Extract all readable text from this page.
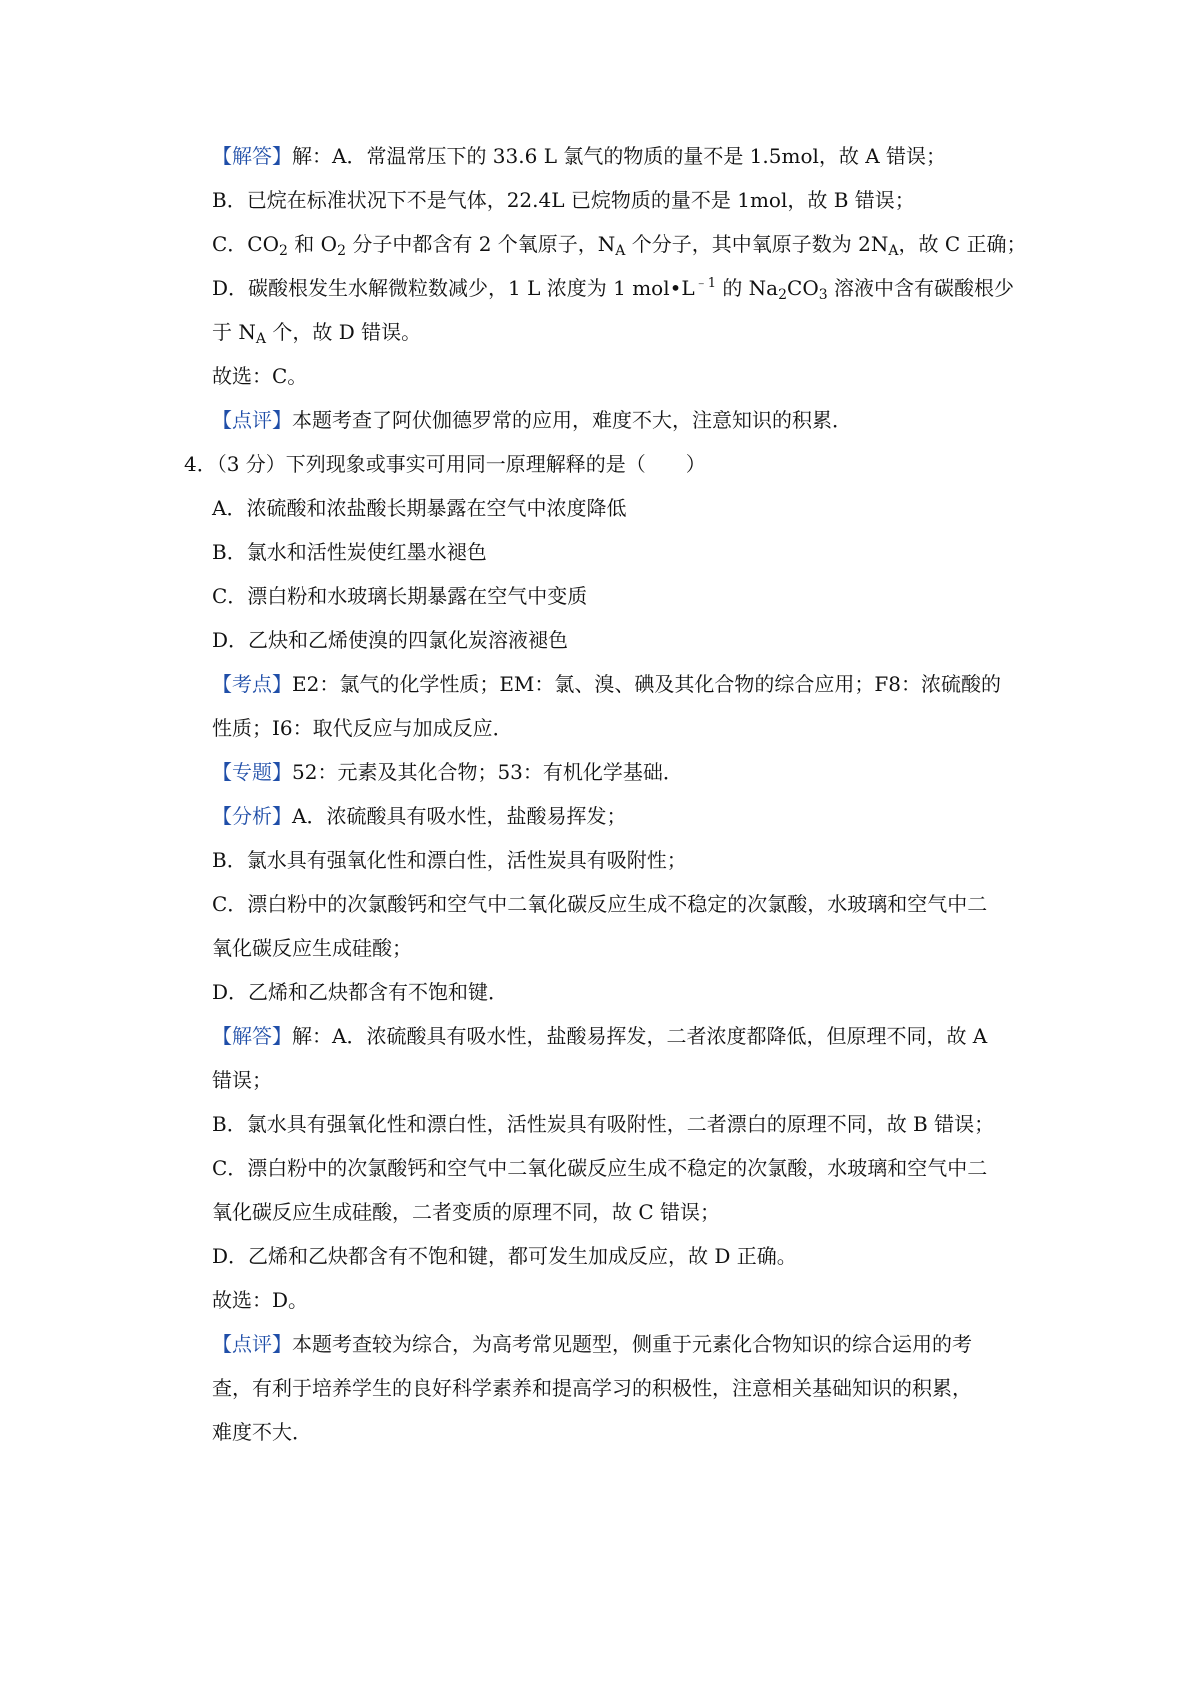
【解答】解：A．常温常压下的 33.6 L 氯气的物质的量不是 1.5mol，故 A 错误；
B．已烷在标准状况下不是气体，22.4L 已烷物质的量不是 1mol，故 B 错误；
C．$CO_2$ 和 $O_2$ 分子中都含有 2 个氧原子，$N_A$ 个分子，其中氧原子数为 $2N_A$，故 C 正确；
D．碳酸根发生水解微粒数减少，1 L 浓度为 1 $mol•L^{﹣1}$ 的 $Na_2CO_3$ 溶液中含有碳酸根少
于 $N_A$ 个，故 D 错误。
故选：C。
【点评】本题考查了阿伏伽德罗常的应用，难度不大，注意知识的积累．
4．（3 分）下列现象或事实可用同一原理解释的是（　　）
A．浓硫酸和浓盐酸长期暴露在空气中浓度降低
B．氯水和活性炭使红墨水褪色
C．漂白粉和水玻璃长期暴露在空气中变质
D．乙炔和乙烯使溴的四氯化炭溶液褪色
【考点】E2：氯气的化学性质；EM：氯、溴、碘及其化合物的综合应用；F8：浓硫酸的
性质；I6：取代反应与加成反应．
【专题】52：元素及其化合物；53：有机化学基础．
【分析】A．浓硫酸具有吸水性，盐酸易挥发；
B．氯水具有强氧化性和漂白性，活性炭具有吸附性；
C．漂白粉中的次氯酸钙和空气中二氧化碳反应生成不稳定的次氯酸，水玻璃和空气中二
氧化碳反应生成硅酸；
D．乙烯和乙炔都含有不饱和键．
【解答】解：A．浓硫酸具有吸水性，盐酸易挥发，二者浓度都降低，但原理不同，故 A
错误；
B．氯水具有强氧化性和漂白性，活性炭具有吸附性，二者漂白的原理不同，故 B 错误；
C．漂白粉中的次氯酸钙和空气中二氧化碳反应生成不稳定的次氯酸，水玻璃和空气中二
氧化碳反应生成硅酸，二者变质的原理不同，故 C 错误；
D．乙烯和乙炔都含有不饱和键，都可发生加成反应，故 D 正确。
故选：D。
【点评】本题考查较为综合，为高考常见题型，侧重于元素化合物知识的综合运用的考
查，有利于培养学生的良好科学素养和提高学习的积极性，注意相关基础知识的积累，
难度不大．
